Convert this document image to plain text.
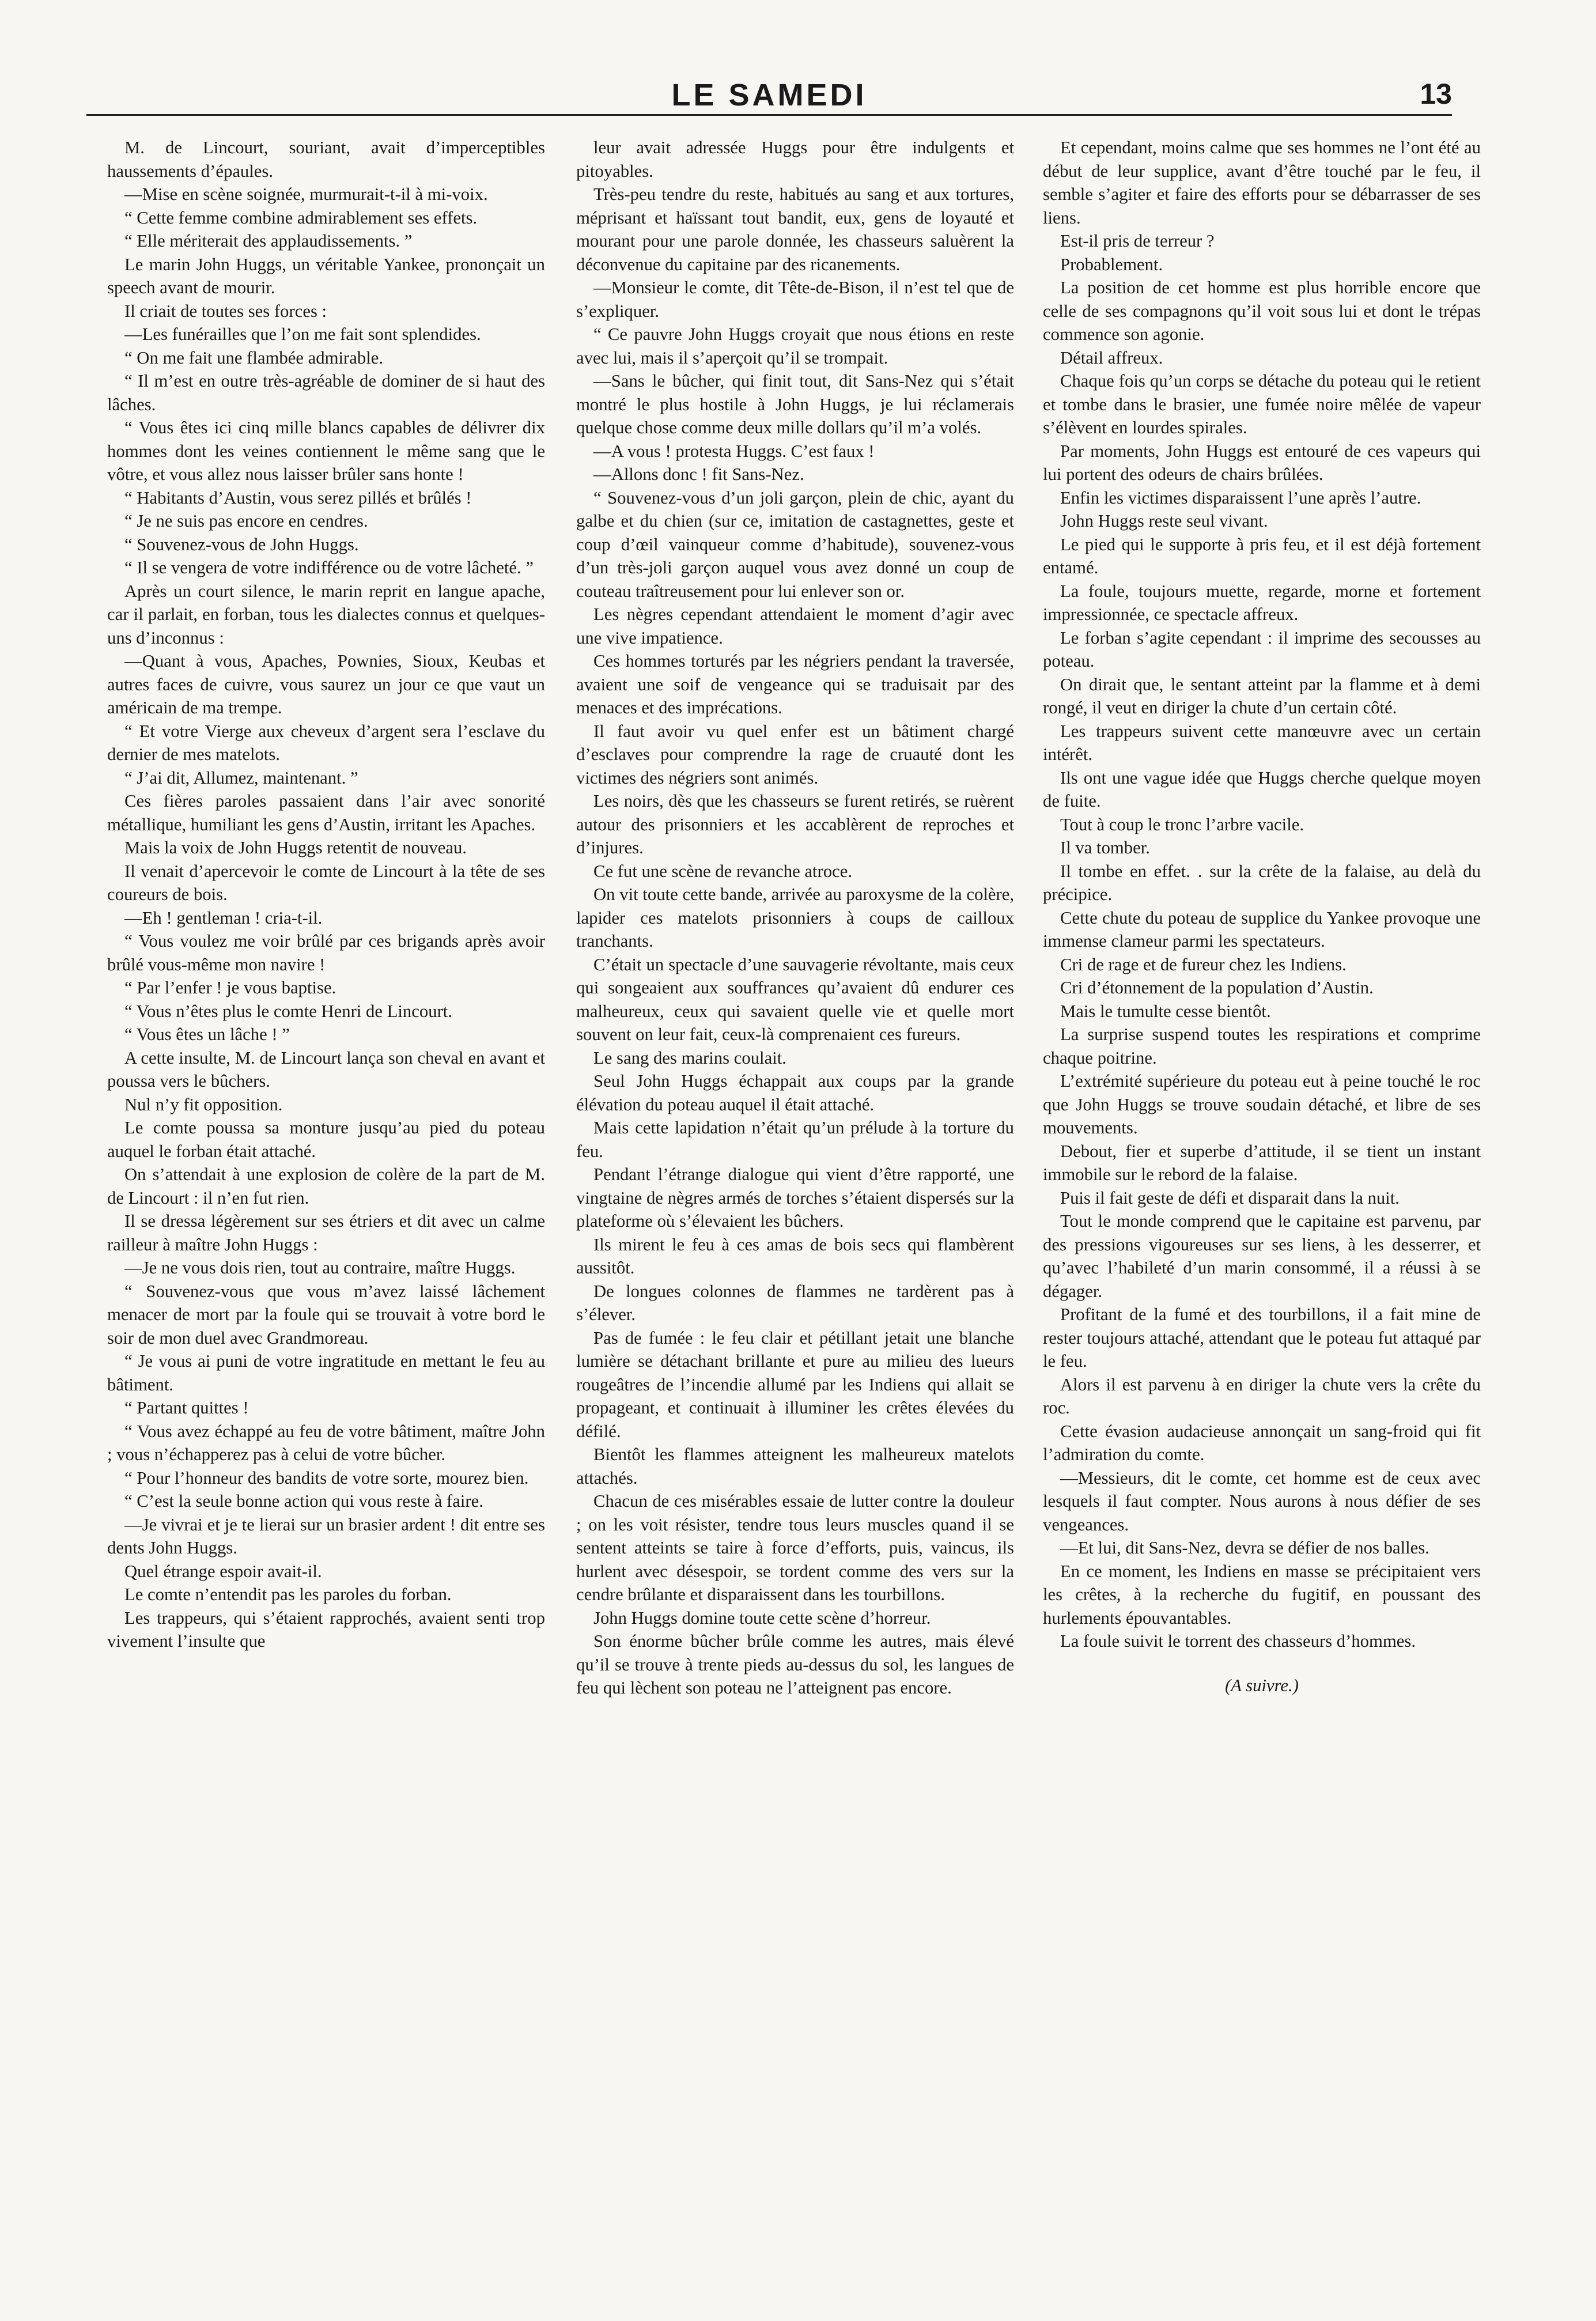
LE SAMEDI	13

M. de Lincourt, souriant, avait d’imperceptibles haussements d’épaules.

—Mise en scène soignée, murmurait-t-il à mi-voix.

“ Cette femme combine admirablement ses effets.

“ Elle mériterait des applaudissements. ”

Le marin John Huggs, un véritable Yankee, prononçait un speech avant de mourir.

Il criait de toutes ses forces :

—Les funérailles que l’on me fait sont splendides.

“ On me fait une flambée admirable.

“ Il m’est en outre très-agréable de dominer de si haut des lâches.

“ Vous êtes ici cinq mille blancs capables de délivrer dix hommes dont les veines contiennent le même sang que le vôtre, et vous allez nous laisser brûler sans honte !

“ Habitants d’Austin, vous serez pillés et brûlés !

“ Je ne suis pas encore en cendres.

“ Souvenez-vous de John Huggs.

“ Il se vengera de votre indifférence ou de votre lâcheté. ”

Après un court silence, le marin reprit en langue apache, car il parlait, en forban, tous les dialectes connus et quelques-uns d’inconnus :

—Quant à vous, Apaches, Pownies, Sioux, Keubas et autres faces de cuivre, vous saurez un jour ce que vaut un américain de ma trempe.

“ Et votre Vierge aux cheveux d’argent sera l’esclave du dernier de mes matelots.

“ J’ai dit, Allumez, maintenant. ”

Ces fières paroles passaient dans l’air avec sonorité métallique, humiliant les gens d’Austin, irritant les Apaches.

Mais la voix de John Huggs retentit de nouveau.

Il venait d’apercevoir le comte de Lincourt à la tête de ses coureurs de bois.

—Eh ! gentleman ! cria-t-il.

“ Vous voulez me voir brûlé par ces brigands après avoir brûlé vous-même mon navire !

“ Par l’enfer ! je vous baptise.

“ Vous n’êtes plus le comte Henri de Lincourt.

“ Vous êtes un lâche ! ”

A cette insulte, M. de Lincourt lança son cheval en avant et poussa vers le bûchers.

Nul n’y fit opposition.

Le comte poussa sa monture jusqu’au pied du poteau auquel le forban était attaché.

On s’attendait à une explosion de colère de la part de M. de Lincourt : il n’en fut rien.

Il se dressa légèrement sur ses étriers et dit avec un calme railleur à maître John Huggs :

—Je ne vous dois rien, tout au contraire, maître Huggs.

“ Souvenez-vous que vous m’avez laissé lâchement menacer de mort par la foule qui se trouvait à votre bord le soir de mon duel avec Grandmoreau.

“ Je vous ai puni de votre ingratitude en mettant le feu au bâtiment.

“ Partant quittes !

“ Vous avez échappé au feu de votre bâtiment, maître John ; vous n’échapperez pas à celui de votre bûcher.

“ Pour l’honneur des bandits de votre sorte, mourez bien.

“ C’est la seule bonne action qui vous reste à faire.

—Je vivrai et je te lierai sur un brasier ardent ! dit entre ses dents John Huggs.

Quel étrange espoir avait-il.

Le comte n’entendit pas les paroles du forban.

Les trappeurs, qui s’étaient rapprochés, avaient senti trop vivement l’insulte que

leur avait adressée Huggs pour être indulgents et pitoyables.

Très-peu tendre du reste, habitués au sang et aux tortures, méprisant et haïssant tout bandit, eux, gens de loyauté et mourant pour une parole donnée, les chasseurs saluèrent la déconvenue du capitaine par des ricanements.

—Monsieur le comte, dit Tête-de-Bison, il n’est tel que de s’expliquer.

“ Ce pauvre John Huggs croyait que nous étions en reste avec lui, mais il s’aperçoit qu’il se trompait.

—Sans le bûcher, qui finit tout, dit Sans-Nez qui s’était montré le plus hostile à John Huggs, je lui réclamerais quelque chose comme deux mille dollars qu’il m’a volés.

—A vous ! protesta Huggs. C’est faux !

—Allons donc ! fit Sans-Nez.

“ Souvenez-vous d’un joli garçon, plein de chic, ayant du galbe et du chien (sur ce, imitation de castagnettes, geste et coup d’œil vainqueur comme d’habitude), souvenez-vous d’un très-joli garçon auquel vous avez donné un coup de couteau traîtreusement pour lui enlever son or.

Les nègres cependant attendaient le moment d’agir avec une vive impatience.

Ces hommes torturés par les négriers pendant la traversée, avaient une soif de vengeance qui se traduisait par des menaces et des imprécations.

Il faut avoir vu quel enfer est un bâtiment chargé d’esclaves pour comprendre la rage de cruauté dont les victimes des négriers sont animés.

Les noirs, dès que les chasseurs se furent retirés, se ruèrent autour des prisonniers et les accablèrent de reproches et d’injures.

Ce fut une scène de revanche atroce.

On vit toute cette bande, arrivée au paroxysme de la colère, lapider ces matelots prisonniers à coups de cailloux tranchants.

C’était un spectacle d’une sauvagerie révoltante, mais ceux qui songeaient aux souffrances qu’avaient dû endurer ces malheureux, ceux qui savaient quelle vie et quelle mort souvent on leur fait, ceux-là comprenaient ces fureurs.

Le sang des marins coulait.

Seul John Huggs échappait aux coups par la grande élévation du poteau auquel il était attaché.

Mais cette lapidation n’était qu’un prélude à la torture du feu.

Pendant l’étrange dialogue qui vient d’être rapporté, une vingtaine de nègres armés de torches s’étaient dispersés sur la plateforme où s’élevaient les bûchers.

Ils mirent le feu à ces amas de bois secs qui flambèrent aussitôt.

De longues colonnes de flammes ne tardèrent pas à s’élever.

Pas de fumée : le feu clair et pétillant jetait une blanche lumière se détachant brillante et pure au milieu des lueurs rougeâtres de l’incendie allumé par les Indiens qui allait se propageant, et continuait à illuminer les crêtes élevées du défilé.

Bientôt les flammes atteignent les malheureux matelots attachés.

Chacun de ces misérables essaie de lutter contre la douleur ; on les voit résister, tendre tous leurs muscles quand il se sentent atteints se taire à force d’efforts, puis, vaincus, ils hurlent avec désespoir, se tordent comme des vers sur la cendre brûlante et disparaissent dans les tourbillons.

John Huggs domine toute cette scène d’horreur.

Son énorme bûcher brûle comme les autres, mais élevé qu’il se trouve à trente pieds au-dessus du sol, les langues de feu qui lèchent son poteau ne l’atteignent pas encore.

Et cependant, moins calme que ses hommes ne l’ont été au début de leur supplice, avant d’être touché par le feu, il semble s’agiter et faire des efforts pour se débarrasser de ses liens.

Est-il pris de terreur ?

Probablement.

La position de cet homme est plus horrible encore que celle de ses compagnons qu’il voit sous lui et dont le trépas commence son agonie.

Détail affreux.

Chaque fois qu’un corps se détache du poteau qui le retient et tombe dans le brasier, une fumée noire mêlée de vapeur s’élèvent en lourdes spirales.

Par moments, John Huggs est entouré de ces vapeurs qui lui portent des odeurs de chairs brûlées.

Enfin les victimes disparaissent l’une après l’autre.

John Huggs reste seul vivant.

Le pied qui le supporte à pris feu, et il est déjà fortement entamé.

La foule, toujours muette, regarde, morne et fortement impressionnée, ce spectacle affreux.

Le forban s’agite cependant : il imprime des secousses au poteau.

On dirait que, le sentant atteint par la flamme et à demi rongé, il veut en diriger la chute d’un certain côté.

Les trappeurs suivent cette manœuvre avec un certain intérêt.

Ils ont une vague idée que Huggs cherche quelque moyen de fuite.

Tout à coup le tronc l’arbre vacile.

Il va tomber.

Il tombe en effet. . sur la crête de la falaise, au delà du précipice.

Cette chute du poteau de supplice du Yankee provoque une immense clameur parmi les spectateurs.

Cri de rage et de fureur chez les Indiens.

Cri d’étonnement de la population d’Austin.

Mais le tumulte cesse bientôt.

La surprise suspend toutes les respirations et comprime chaque poitrine.

L’extrémité supérieure du poteau eut à peine touché le roc que John Huggs se trouve soudain détaché, et libre de ses mouvements.

Debout, fier et superbe d’attitude, il se tient un instant immobile sur le rebord de la falaise.

Puis il fait geste de défi et disparait dans la nuit.

Tout le monde comprend que le capitaine est parvenu, par des pressions vigoureuses sur ses liens, à les desserrer, et qu’avec l’habileté d’un marin consommé, il a réussi à se dégager.

Profitant de la fumé et des tourbillons, il a fait mine de rester toujours attaché, attendant que le poteau fut attaqué par le feu.

Alors il est parvenu à en diriger la chute vers la crête du roc.

Cette évasion audacieuse annonçait un sang-froid qui fit l’admiration du comte.

—Messieurs, dit le comte, cet homme est de ceux avec lesquels il faut compter. Nous aurons à nous défier de ses vengeances.

—Et lui, dit Sans-Nez, devra se défier de nos balles.

En ce moment, les Indiens en masse se précipitaient vers les crêtes, à la recherche du fugitif, en poussant des hurlements épouvantables.

La foule suivit le torrent des chasseurs d’hommes.

(A suivre.)
